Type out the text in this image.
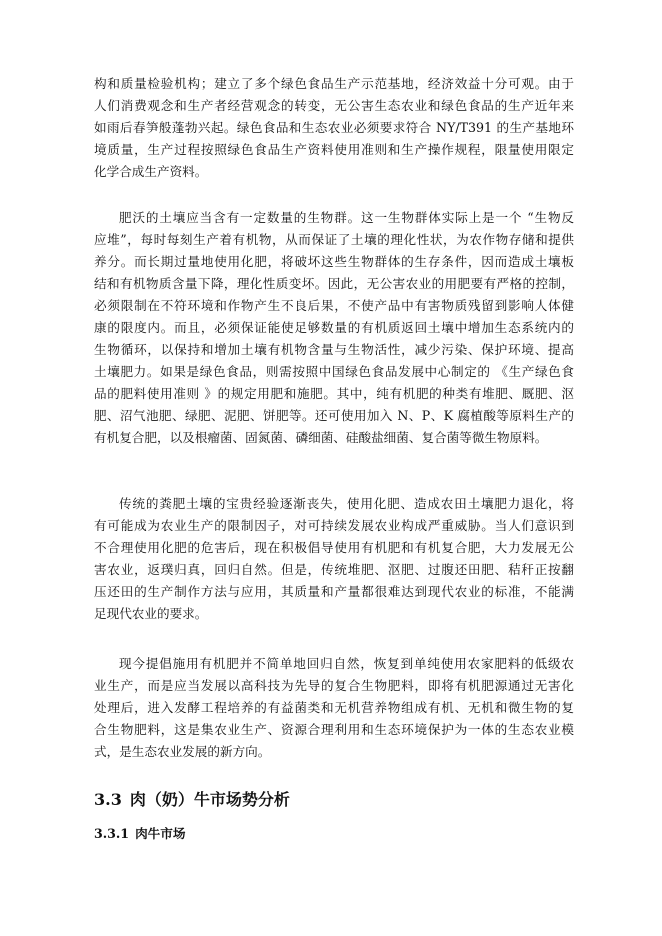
构和质量检验机构；建立了多个绿色食品生产示范基地，经济效益十分可观。由于
人们消费观念和生产者经营观念的转变，无公害生态农业和绿色食品的生产近年来
如雨后春笋般蓬勃兴起。绿色食品和生态农业必须要求符合 NY/T391 的生产基地环
境质量，生产过程按照绿色食品生产资料使用准则和生产操作规程，限量使用限定
化学合成生产资料。
肥沃的土壤应当含有一定数量的生物群。这一生物群体实际上是一个 “生物反
应堆”，每时每刻生产着有机物，从而保证了土壤的理化性状，为农作物存储和提供
养分。而长期过量地使用化肥，将破坏这些生物群体的生存条件，因而造成土壤板
结和有机物质含量下降，理化性质变坏。因此，无公害农业的用肥要有严格的控制，
必须限制在不符环境和作物产生不良后果，不使产品中有害物质残留到影响人体健
康的限度内。而且，必须保证能使足够数量的有机质返回土壤中增加生态系统内的
生物循环，以保持和增加土壤有机物含量与生物活性，减少污染、保护环境、提高
土壤肥力。如果是绿色食品，则需按照中国绿色食品发展中心制定的 《生产绿色食
品的肥料使用准则 》的规定用肥和施肥。其中，纯有机肥的种类有堆肥、厩肥、沤
肥、沼气池肥、绿肥、泥肥、饼肥等。还可使用加入 N、P、K 腐植酸等原料生产的
有机复合肥，以及根瘤菌、固氮菌、磷细菌、硅酸盐细菌、复合菌等微生物原料。
传统的粪肥土壤的宝贵经验逐渐丧失，使用化肥、造成农田土壤肥力退化，将
有可能成为农业生产的限制因子，对可持续发展农业构成严重威胁。当人们意识到
不合理使用化肥的危害后，现在积极倡导使用有机肥和有机复合肥，大力发展无公
害农业，返璞归真，回归自然。但是，传统堆肥、沤肥、过腹还田肥、秸秆正按翻
压还田的生产制作方法与应用，其质量和产量都很难达到现代农业的标准，不能满
足现代农业的要求。
现今提倡施用有机肥并不简单地回归自然，恢复到单纯使用农家肥料的低级农
业生产，而是应当发展以高科技为先导的复合生物肥料，即将有机肥源通过无害化
处理后，进入发酵工程培养的有益菌类和无机营养物组成有机、无机和微生物的复
合生物肥料，这是集农业生产、资源合理利用和生态环境保护为一体的生态农业模
式，是生态农业发展的新方向。
3.3 肉（奶）牛市场势分析
3.3.1 肉牛市场
